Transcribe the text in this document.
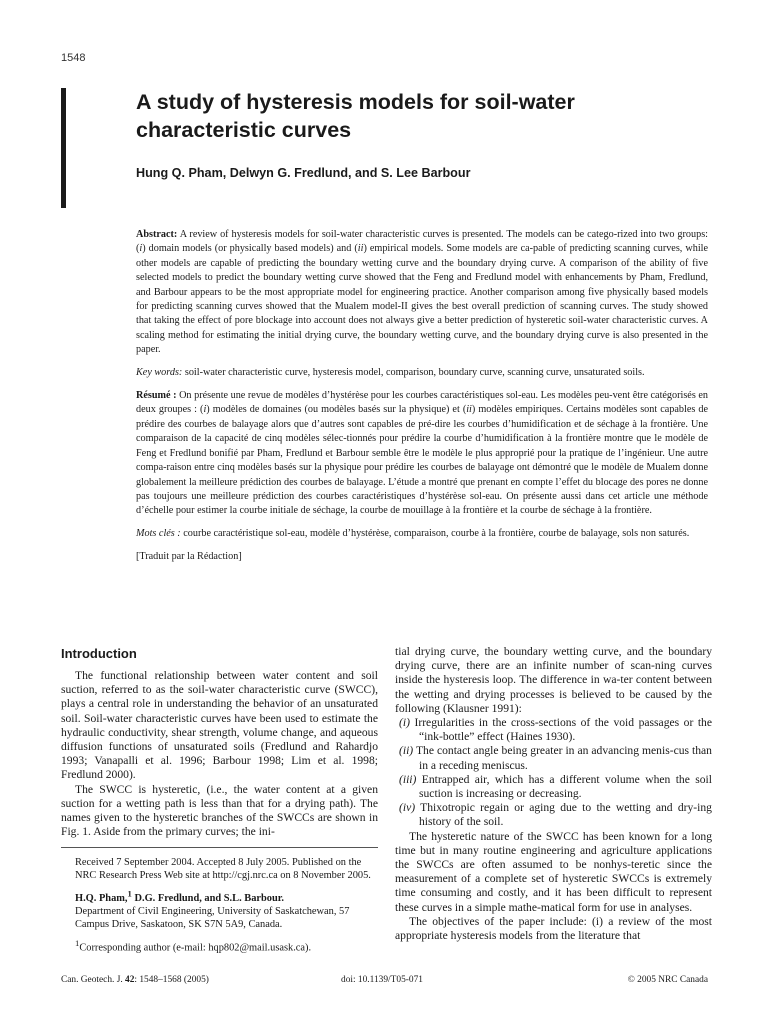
1548
A study of hysteresis models for soil-water characteristic curves
Hung Q. Pham, Delwyn G. Fredlund, and S. Lee Barbour

Abstract: A review of hysteresis models for soil-water characteristic curves is presented. The models can be catego-rized into two groups: (i) domain models (or physically based models) and (ii) empirical models. Some models are ca-pable of predicting scanning curves, while other models are capable of predicting the boundary wetting curve and the boundary drying curve. A comparison of the ability of five selected models to predict the boundary wetting curve showed that the Feng and Fredlund model with enhancements by Pham, Fredlund, and Barbour appears to be the most appropriate model for engineering practice. Another comparison among five physically based models for predicting scanning curves showed that the Mualem model-II gives the best overall prediction of scanning curves. The study showed that taking the effect of pore blockage into account does not always give a better prediction of hysteretic soil-water characteristic curves. A scaling method for estimating the initial drying curve, the boundary wetting curve, and the boundary drying curve is also presented in the paper.

Key words: soil-water characteristic curve, hysteresis model, comparison, boundary curve, scanning curve, unsaturated soils.

Résumé : On présente une revue de modèles d’hystérèse pour les courbes caractéristiques sol-eau. Les modèles peu-vent être catégorisés en deux groupes : (i) modèles de domaines (ou modèles basés sur la physique) et (ii) modèles empiriques. Certains modèles sont capables de prédire des courbes de balayage alors que d’autres sont capables de pré-dire les courbes d’humidification et de séchage à la frontière. Une comparaison de la capacité de cinq modèles sélec-tionnés pour prédire la courbe d’humidification à la frontière montre que le modèle de Feng et Fredlund bonifié par Pham, Fredlund et Barbour semble être le modèle le plus approprié pour la pratique de l’ingénieur. Une autre compa-raison entre cinq modèles basés sur la physique pour prédire les courbes de balayage ont démontré que le modèle de Mualem donne globalement la meilleure prédiction des courbes de balayage. L’étude a montré que prenant en compte l’effet du blocage des pores ne donne pas toujours une meilleure prédiction des courbes caractéristiques d’hystérèse sol-eau. On présente aussi dans cet article une méthode d’échelle pour estimer la courbe initiale de séchage, la courbe de mouillage à la frontière et la courbe de séchage à la frontière.

Mots clés : courbe caractéristique sol-eau, modèle d’hystérèse, comparaison, courbe à la frontière, courbe de balayage, sols non saturés.

[Traduit par la Rédaction]

Introduction

The functional relationship between water content and soil suction, referred to as the soil-water characteristic curve (SWCC), plays a central role in understanding the behavior of an unsaturated soil. Soil-water characteristic curves have been used to estimate the hydraulic conductivity, shear strength, volume change, and aqueous diffusion functions of unsaturated soils (Fredlund and Rahardjo 1993; Vanapalli et al. 1996; Barbour 1998; Lim et al. 1998; Fredlund 2000).

The SWCC is hysteretic, (i.e., the water content at a given suction for a wetting path is less than that for a drying path). The names given to the hysteretic branches of the SWCCs are shown in Fig. 1. Aside from the primary curves; the ini-

tial drying curve, the boundary wetting curve, and the boundary drying curve, there are an infinite number of scan-ning curves inside the hysteresis loop. The difference in wa-ter content between the wetting and drying processes is believed to be caused by the following (Klausner 1991):

(i) Irregularities in the cross-sections of the void passages or the “ink-bottle” effect (Haines 1930).
(ii) The contact angle being greater in an advancing menis-cus than in a receding meniscus.
(iii) Entrapped air, which has a different volume when the soil suction is increasing or decreasing.
(iv) Thixotropic regain or aging due to the wetting and dry-ing history of the soil.

The hysteretic nature of the SWCC has been known for a long time but in many routine engineering and agriculture applications the SWCCs are often assumed to be nonhys-teretic since the measurement of a complete set of hysteretic SWCCs is extremely time consuming and costly, and it has been difficult to represent these curves in a simple mathe-matical form for use in analyses.

The objectives of the paper include: (i) a review of the most appropriate hysteresis models from the literature that

Received 7 September 2004. Accepted 8 July 2005. Published on the NRC Research Press Web site at http://cgj.nrc.ca on 8 November 2005.

H.Q. Pham,$^1$ D.G. Fredlund, and S.L. Barbour.
Department of Civil Engineering, University of Saskatchewan, 57 Campus Drive, Saskatoon, SK S7N 5A9, Canada.

$^1$Corresponding author (e-mail: hqp802@mail.usask.ca).

Can. Geotech. J. 42: 1548–1568 (2005)	doi: 10.1139/T05-071	© 2005 NRC Canada
